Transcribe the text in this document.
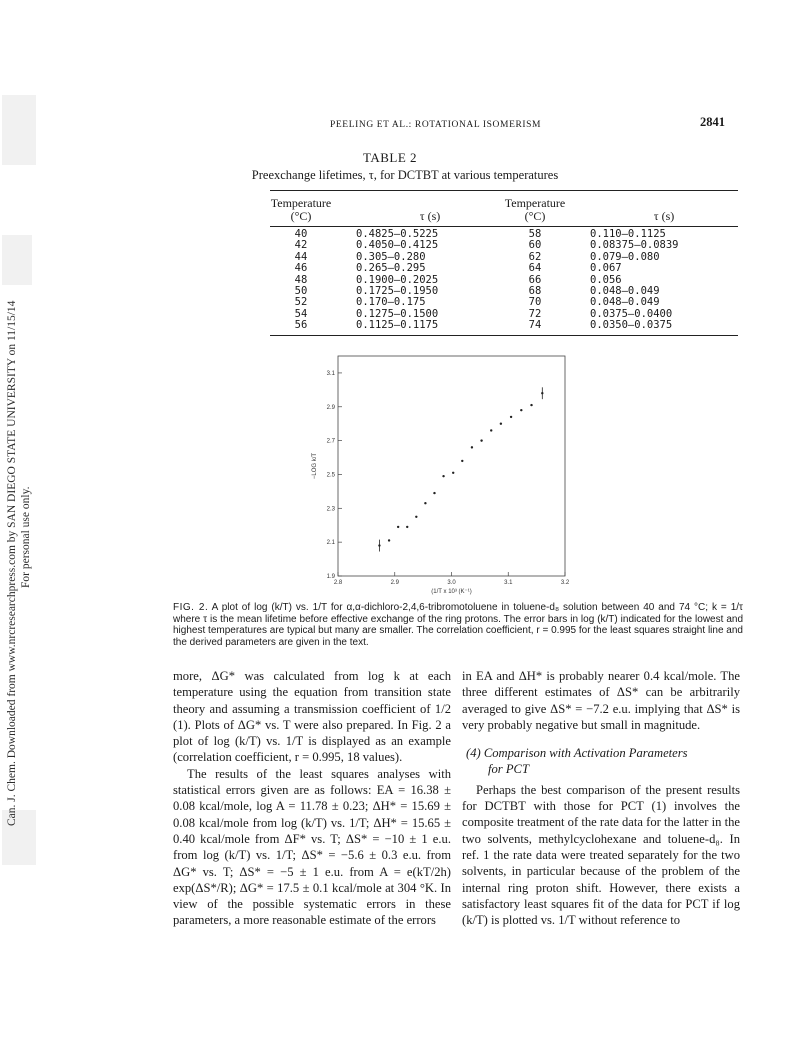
Can. J. Chem. Downloaded from www.nrcresearchpress.com by SAN DIEGO STATE UNIVERSITY on 11/15/14 For personal use only.
PEELING ET AL.: ROTATIONAL ISOMERISM	2841
TABLE 2
Preexchange lifetimes, τ, for DCTBT at various temperatures
Temperature		Temperature	
(°C)	τ (s)	(°C)	τ (s)
40	0.4825–0.5225	58	0.110–0.1125
42	0.4050–0.4125	60	0.08375–0.0839
44	0.305–0.280	62	0.079–0.080
46	0.265–0.295	64	0.067
48	0.1900–0.2025	66	0.056
50	0.1725–0.1950	68	0.048–0.049
52	0.170–0.175	70	0.048–0.049
54	0.1275–0.1500	72	0.0375–0.0400
56	0.1125–0.1175	74	0.0350–0.0375
2.8	2.9	3.0	3.1	3.2
1.9
2.1
2.3
2.5
2.7
2.9
3.1
(1/T x 10³ (K⁻¹)
−LOG k/T
FIG. 2. A plot of log (k/T) vs. 1/T for α,α-dichloro-2,4,6-tribromotoluene in toluene-d₈ solution between 40 and 74 °C; k = 1/τ where τ is the mean lifetime before effective exchange of the ring protons. The error bars in log (k/T) indicated for the lowest and highest temperatures are typical but many are smaller. The correlation coefficient, r = 0.995 for the least squares straight line and the derived parameters are given in the text.

more, ΔG* was calculated from log k at each temperature using the equation from transition state theory and assuming a transmission coefficient of 1/2 (1). Plots of ΔG* vs. T were also prepared. In Fig. 2 a plot of log (k/T) vs. 1/T is displayed as an example (correlation coefficient, r = 0.995, 18 values).

The results of the least squares analyses with statistical errors given are as follows: EA = 16.38 ± 0.08 kcal/mole, log A = 11.78 ± 0.23; ΔH* = 15.69 ± 0.08 kcal/mole from log (k/T) vs. 1/T; ΔH* = 15.65 ± 0.40 kcal/mole from ΔF* vs. T; ΔS* = −10 ± 1 e.u. from log (k/T) vs. 1/T; ΔS* = −5.6 ± 0.3 e.u. from ΔG* vs. T; ΔS* = −5 ± 1 e.u. from A = e(kT/2h) exp(ΔS*/R); ΔG* = 17.5 ± 0.1 kcal/mole at 304 °K. In view of the possible systematic errors in these parameters, a more reasonable estimate of the errors

in EA and ΔH* is probably nearer 0.4 kcal/mole. The three different estimates of ΔS* can be arbitrarily averaged to give ΔS* = −7.2 e.u. implying that ΔS* is very probably negative but small in magnitude.

(4) Comparison with Activation Parameters
for PCT

Perhaps the best comparison of the present results for DCTBT with those for PCT (1) involves the composite treatment of the rate data for the latter in the two solvents, methylcyclohexane and toluene-d₈. In ref. 1 the rate data were treated separately for the two solvents, in particular because of the problem of the internal ring proton shift. However, there exists a satisfactory least squares fit of the data for PCT if log (k/T) is plotted vs. 1/T without reference to
